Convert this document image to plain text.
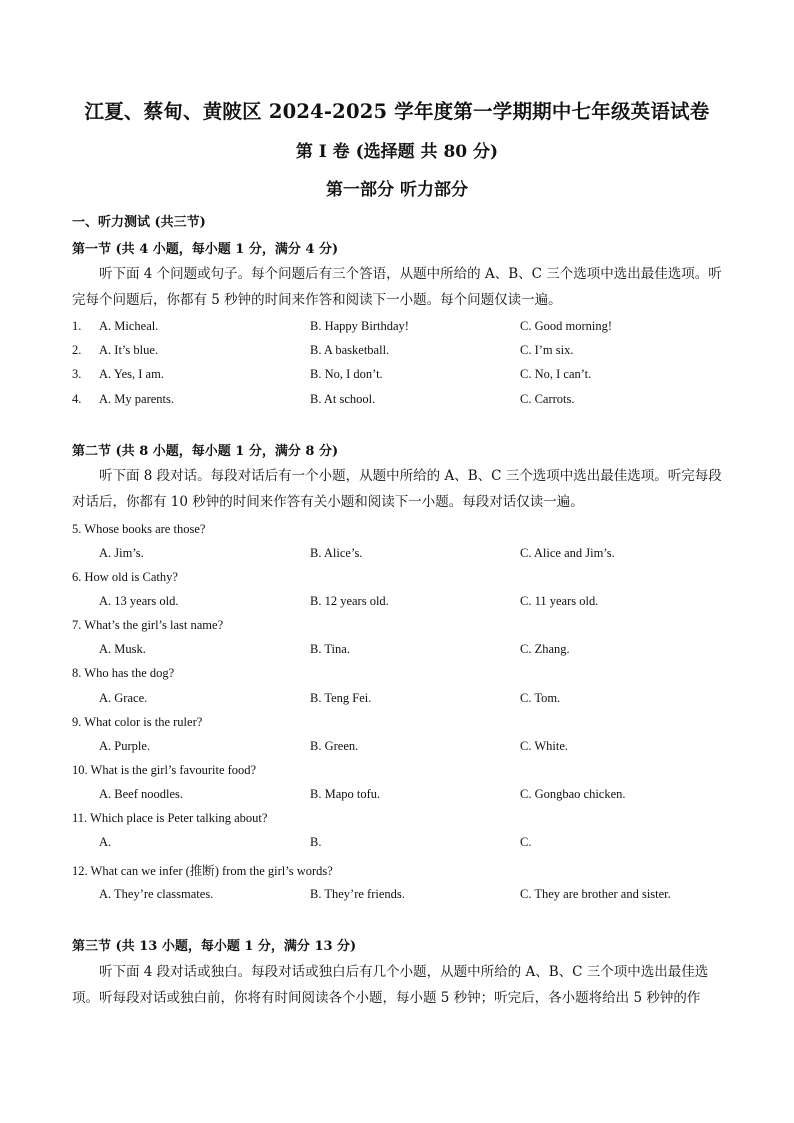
江夏、蔡甸、黄陂区 2024-2025 学年度第一学期期中七年级英语试卷
第 I 卷 (选择题 共 80 分)
第一部分 听力部分
一、听力测试 (共三节)
第一节 (共 4 小题，每小题 1 分，满分 4 分)
听下面 4 个问题或句子。每个问题后有三个答语，从题中所给的 A、B、C 三个选项中选出最佳选项。听完每个问题后，你都有 5 秒钟的时间来作答和阅读下一小题。每个问题仅读一遍。
1. A. Micheal.	B. Happy Birthday!	C. Good morning!
2. A. It’s blue.	B. A basketball.	C. I’m six.
3. A. Yes, I am.	B. No, I don’t.	C. No, I can’t.
4. A. My parents.	B. At school.	C. Carrots.
第二节 (共 8 小题，每小题 1 分，满分 8 分)
听下面 8 段对话。每段对话后有一个小题，从题中所给的 A、B、C 三个选项中选出最佳选项。听完每段对话后，你都有 10 秒钟的时间来作答有关小题和阅读下一小题。每段对话仅读一遍。
5. Whose books are those?
A. Jim’s.	B. Alice’s.	C. Alice and Jim’s.
6. How old is Cathy?
A. 13 years old.	B. 12 years old.	C. 11 years old.
7. What’s the girl’s last name?
A. Musk.	B. Tina.	C. Zhang.
8. Who has the dog?
A. Grace.	B. Teng Fei.	C. Tom.
9. What color is the ruler?
A. Purple.	B. Green.	C. White.
10. What is the girl’s favourite food?
A. Beef noodles.	B. Mapo tofu.	C. Gongbao chicken.
11. Which place is Peter talking about?
A.	B.	C.
12. What can we infer (推断) from the girl’s words?
A. They’re classmates.	B. They’re friends.	C. They are brother and sister.
第三节 (共 13 小题，每小题 1 分，满分 13 分)
听下面 4 段对话或独白。每段对话或独白后有几个小题，从题中所给的 A、B、C 三个项中选出最佳选项。听每段对话或独白前，你将有时间阅读各个小题，每小题 5 秒钟；听完后，各小题将给出 5 秒钟的作
